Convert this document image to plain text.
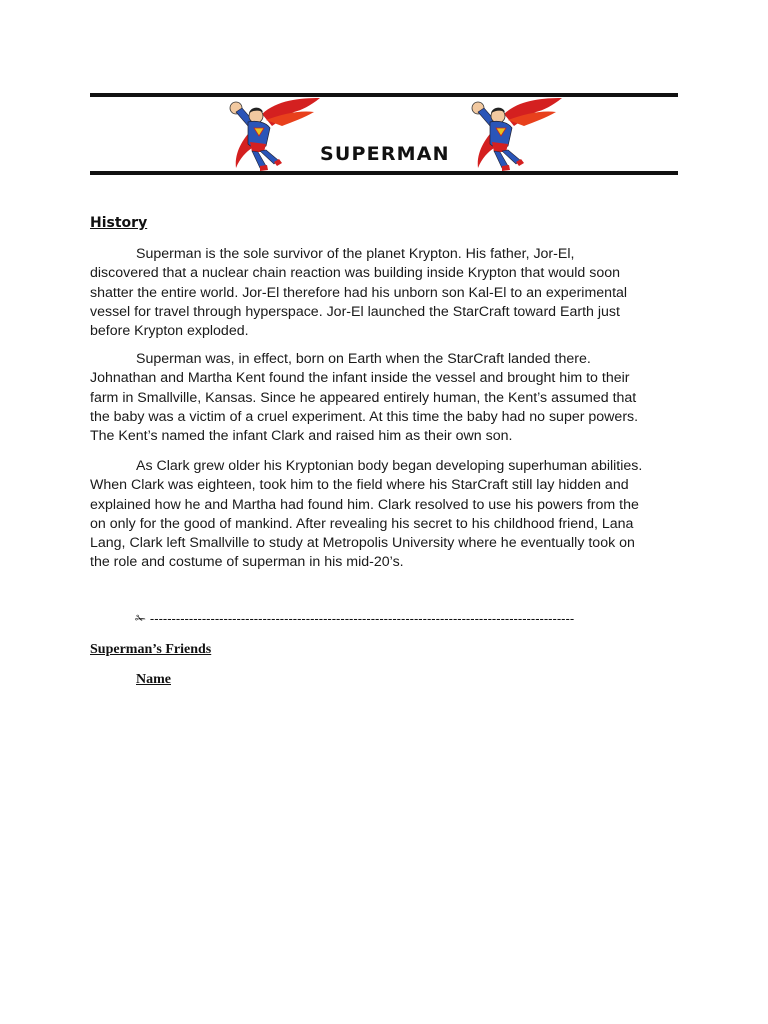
SUPERMAN
History

Superman is the sole survivor of the planet Krypton. His father, Jor-El,
discovered that a nuclear chain reaction was building inside Krypton that would soon
shatter the entire world. Jor-El therefore had his unborn son Kal-El to an experimental
vessel for travel through hyperspace. Jor-El launched the StarCraft toward Earth just
before Krypton exploded.

Superman was, in effect, born on Earth when the StarCraft landed there.
Johnathan and Martha Kent found the infant inside the vessel and brought him to their
farm in Smallville, Kansas. Since he appeared entirely human, the Kent’s assumed that
the baby was a victim of a cruel experiment. At this time the baby had no super powers.
The Kent’s named the infant Clark and raised him as their own son.

As Clark grew older his Kryptonian body began developing superhuman abilities.
When Clark was eighteen, took him to the field where his StarCraft still lay hidden and
explained how he and Martha had found him. Clark resolved to use his powers from the
on only for the good of mankind. After revealing his secret to his childhood friend, Lana
Lang, Clark left Smallville to study at Metropolis University where he eventually took on
the role and costume of superman in his mid-20’s.

✁ --------------------------------------------------------------------------------------------------
Superman’s Friends
Name
